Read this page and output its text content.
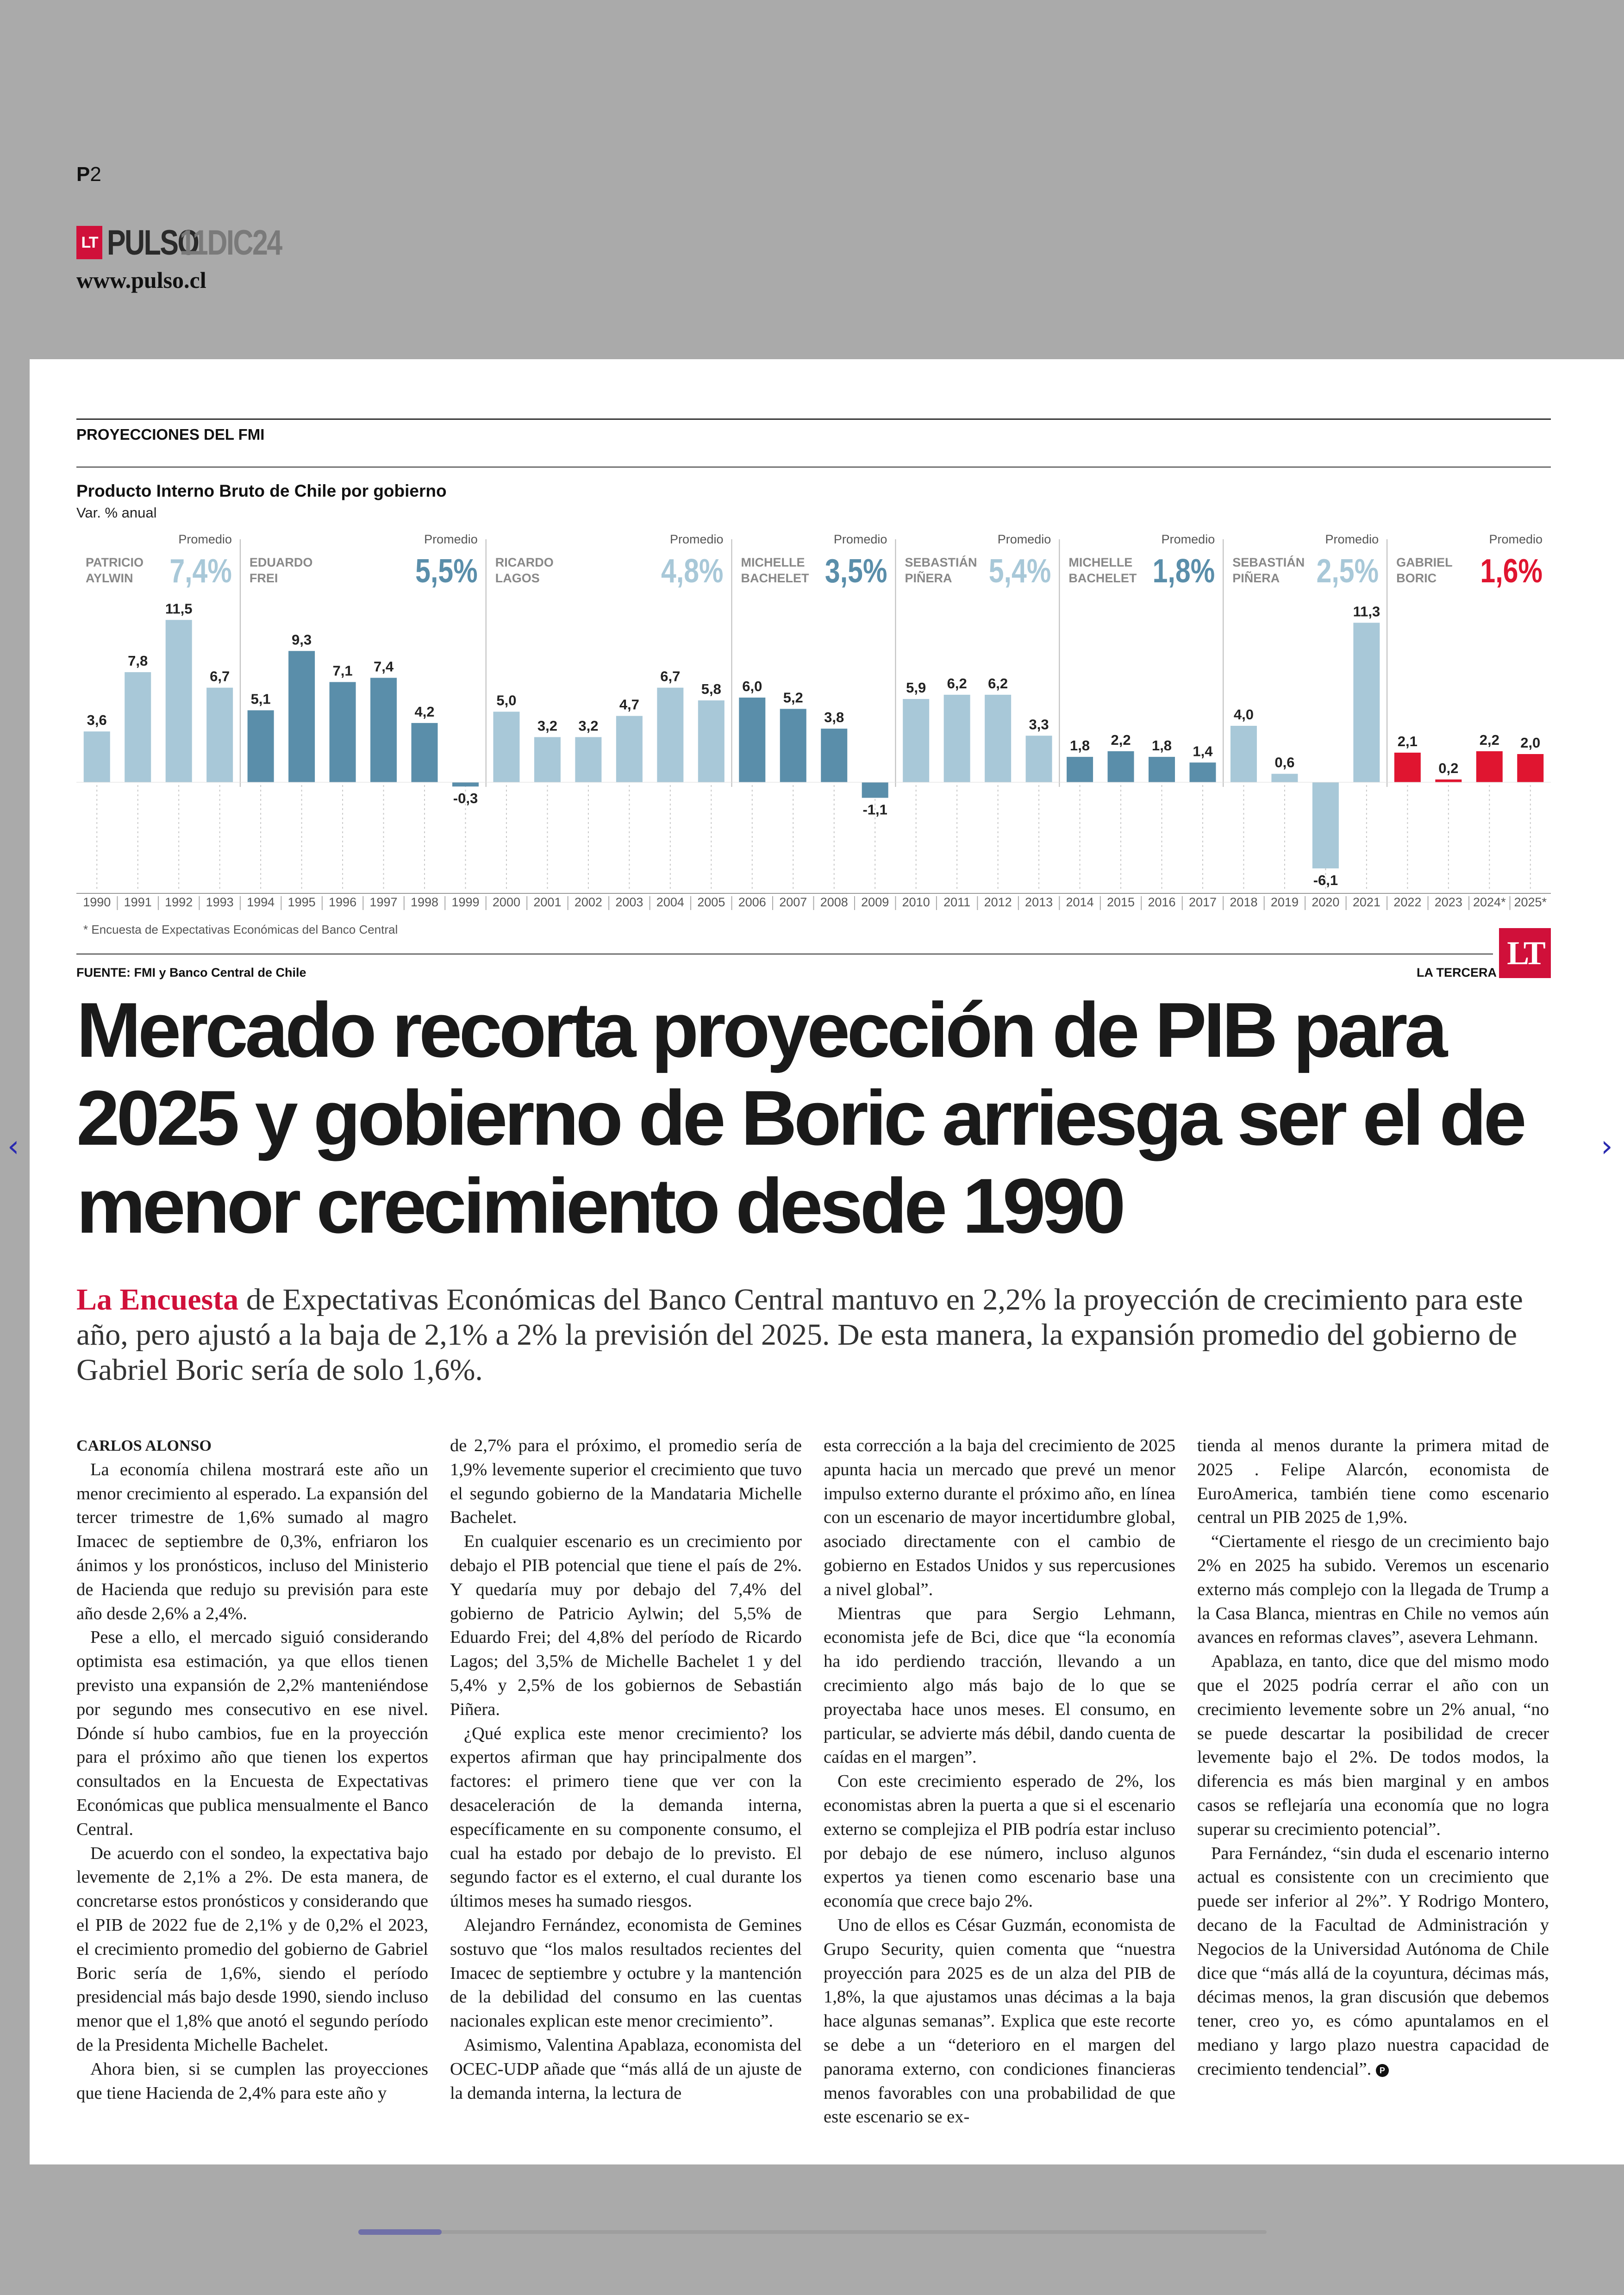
P2
LT PULSO
11DIC24
www.pulso.cl
PROYECCIONES DEL FMI
Producto Interno Bruto de Chile por gobierno
Var. % anual
1990 1991 1992 1993 1994 1995 1996 1997 1998 1999 2000 2001 2002 2003 2004 2005 2006 2007 2008 2009 2010 2011 2012 2013 2014 2015 2016 2017 2018 2019 2020 2021 2022 2023 2024* 2025*
3,6
7,8
11,5
6,7
5,1
9,3
7,1 7,4
4,2
-0,3
5,0
3,2 3,2
4,7
6,7
5,8 6,0
5,2
3,8
-1,1
5,9 6,2 6,2
3,3
1,8 2,2 1,8 1,4
4,0
0,6
-6,1
11,3
2,1
0,2
2,2 2,0
PATRICIO
AYLWIN
Promedio
7,4% EDUARDO
FREI
Promedio
5,5% RICARDO
LAGOS
Promedio
4,8% MICHELLE
BACHELET
Promedio
3,5% SEBASTIÁN
PIÑERA
Promedio
5,4% MICHELLE
BACHELET
Promedio
1,8% SEBASTIÁN
PIÑERA
Promedio
2,5% GABRIEL
BORIC
Promedio
1,6%
* Encuesta de Expectativas Económicas del Banco Central
FUENTE: FMI y Banco Central de Chile	LA TERCERA
LT
Mercado recorta proyección de PIB para 2025 y gobierno de Boric arriesga ser el de menor crecimiento desde 1990

La Encuesta de Expectativas Económicas del Banco Central mantuvo en 2,2% la proyección de crecimiento para este año, pero ajustó a la baja de 2,1% a 2% la previsión del 2025. De esta manera, la expansión promedio del gobierno de Gabriel Boric sería de solo 1,6%.

CARLOS ALONSO

La economía chilena mostrará este año un menor crecimiento al esperado. La expansión del tercer trimestre de 1,6% sumado al magro Imacec de septiembre de 0,3%, enfriaron los ánimos y los pronósticos, incluso del Ministerio de Hacienda que redujo su previsión para este año desde 2,6% a 2,4%.

Pese a ello, el mercado siguió considerando optimista esa estimación, ya que ellos tienen previsto una expansión de 2,2% manteniéndose por segundo mes consecutivo en ese nivel. Dónde sí hubo cambios, fue en la proyección para el próximo año que tienen los expertos consultados en la Encuesta de Expectativas Económicas que publica mensualmente el Banco Central.

De acuerdo con el sondeo, la expectativa bajo levemente de 2,1% a 2%. De esta manera, de concretarse estos pronósticos y considerando que el PIB de 2022 fue de 2,1% y de 0,2% el 2023, el crecimiento promedio del gobierno de Gabriel Boric sería de 1,6%, siendo el período presidencial más bajo desde 1990, siendo incluso menor que el 1,8% que anotó el segundo período de la Presidenta Michelle Bachelet.

Ahora bien, si se cumplen las proyecciones que tiene Hacienda de 2,4% para este año y

de 2,7% para el próximo, el promedio sería de 1,9% levemente superior el crecimiento que tuvo el segundo gobierno de la Mandataria Michelle Bachelet.

En cualquier escenario es un crecimiento por debajo el PIB potencial que tiene el país de 2%. Y quedaría muy por debajo del 7,4% del gobierno de Patricio Aylwin; del 5,5% de Eduardo Frei; del 4,8% del período de Ricardo Lagos; del 3,5% de Michelle Bachelet 1 y del 5,4% y 2,5% de los gobiernos de Sebastián Piñera.

¿Qué explica este menor crecimiento? los expertos afirman que hay principalmente dos factores: el primero tiene que ver con la desaceleración de la demanda interna, específicamente en su componente consumo, el cual ha estado por debajo de lo previsto. El segundo factor es el externo, el cual durante los últimos meses ha sumado riesgos.

Alejandro Fernández, economista de Gemines sostuvo que “los malos resultados recientes del Imacec de septiembre y octubre y la mantención de la debilidad del consumo en las cuentas nacionales explican este menor crecimiento”.

Asimismo, Valentina Apablaza, economista del OCEC-UDP añade que “más allá de un ajuste de la demanda interna, la lectura de

esta corrección a la baja del crecimiento de 2025 apunta hacia un mercado que prevé un menor impulso externo durante el próximo año, en línea con un escenario de mayor incertidumbre global, asociado directamente con el cambio de gobierno en Estados Unidos y sus repercusiones a nivel global”.

Mientras que para Sergio Lehmann, economista jefe de Bci, dice que “la economía ha ido perdiendo tracción, llevando a un crecimiento algo más bajo de lo que se proyectaba hace unos meses. El consumo, en particular, se advierte más débil, dando cuenta de caídas en el margen”.

Con este crecimiento esperado de 2%, los economistas abren la puerta a que si el escenario externo se complejiza el PIB podría estar incluso por debajo de ese número, incluso algunos expertos ya tienen como escenario base una economía que crece bajo 2%.

Uno de ellos es César Guzmán, economista de Grupo Security, quien comenta que “nuestra proyección para 2025 es de un alza del PIB de 1,8%, la que ajustamos unas décimas a la baja hace algunas semanas”. Explica que este recorte se debe a un “deterioro en el margen del panorama externo, con condiciones financieras menos favorables con una probabilidad de que este escenario se ex-

tienda al menos durante la primera mitad de 2025 . Felipe Alarcón, economista de EuroAmerica, también tiene como escenario central un PIB 2025 de 1,9%.

“Ciertamente el riesgo de un crecimiento bajo 2% en 2025 ha subido. Veremos un escenario externo más complejo con la llegada de Trump a la Casa Blanca, mientras en Chile no vemos aún avances en reformas claves”, asevera Lehmann.

Apablaza, en tanto, dice que del mismo modo que el 2025 podría cerrar el año con un crecimiento levemente sobre un 2% anual, “no se puede descartar la posibilidad de crecer levemente bajo el 2%. De todos modos, la diferencia es más bien marginal y en ambos casos se reflejaría una economía que no logra superar su crecimiento potencial”.

Para Fernández, “sin duda el escenario interno actual es consistente con un crecimiento que puede ser inferior al 2%”. Y Rodrigo Montero, decano de la Facultad de Administración y Negocios de la Universidad Autónoma de Chile dice que “más allá de la coyuntura, décimas más, décimas menos, la gran discusión que debemos tener, creo yo, es cómo apuntalamos en el mediano y largo plazo nuestra capacidad de crecimiento tendencial”. P

‹	›
